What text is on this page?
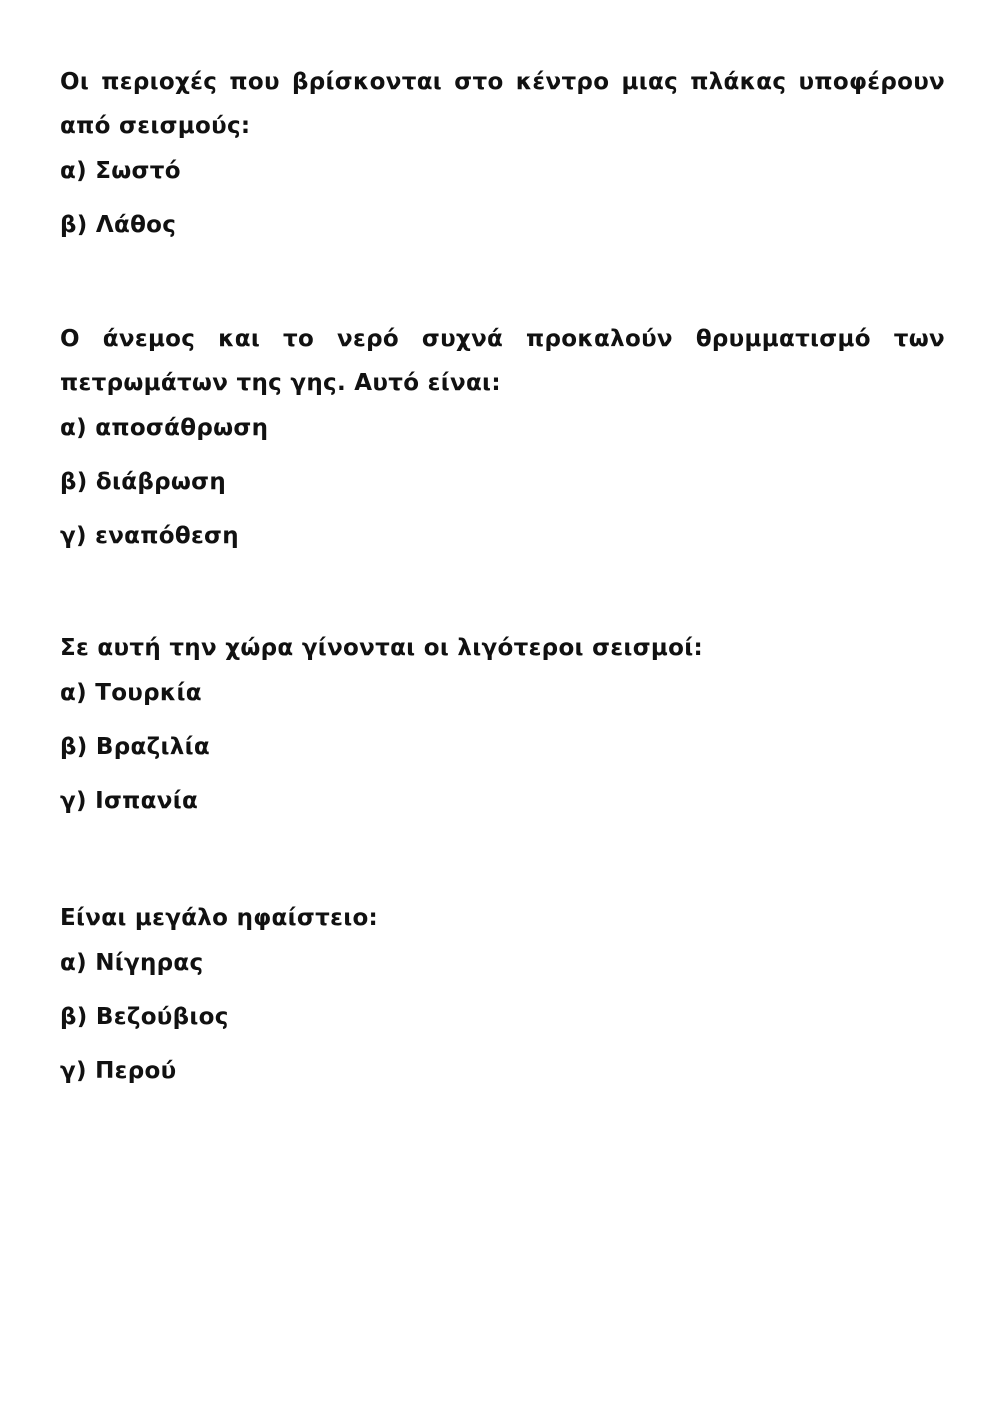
Οι περιοχές που βρίσκονται στο κέντρο μιας πλάκας υποφέρουν από σεισμούς:

α) Σωστό

β) Λάθος

Ο άνεμος και το νερό συχνά προκαλούν θρυμματισμό των πετρωμάτων της γης. Αυτό είναι:

α) αποσάθρωση

β) διάβρωση

γ) εναπόθεση

Σε αυτή την χώρα γίνονται οι λιγότεροι σεισμοί:

α) Τουρκία

β) Βραζιλία

γ) Ισπανία

Είναι μεγάλο ηφαίστειο:

α) Νίγηρας

β) Βεζούβιος

γ) Περού
